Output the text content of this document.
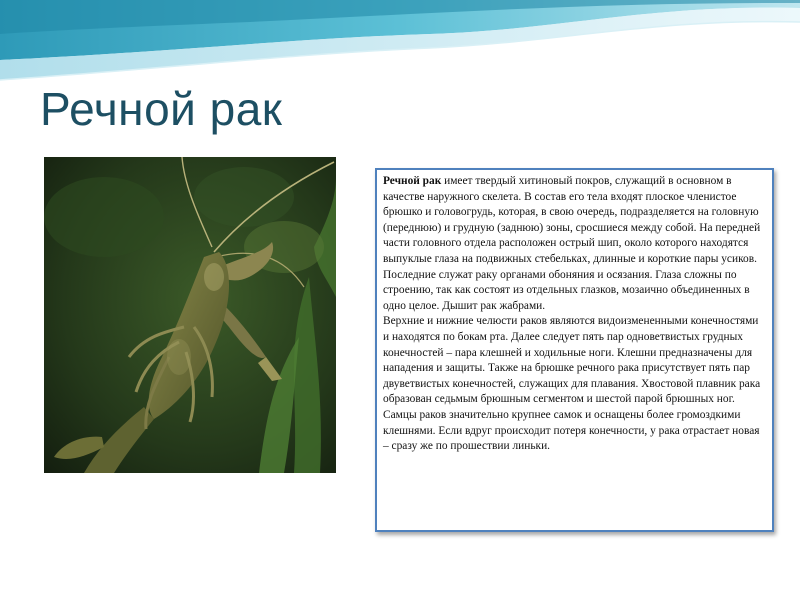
Речной рак

Речной рак имеет твердый хитиновый покров, служащий в основном в качестве наружного скелета. В состав его тела входят плоское членистое брюшко и головогрудь, которая, в свою очередь, подразделяется на головную (переднюю) и грудную (заднюю) зоны, сросшиеся между собой. На передней части головного отдела расположен острый шип, около которого находятся выпуклые глаза на подвижных стебельках, длинные и короткие пары усиков. Последние служат раку органами обоняния и осязания. Глаза сложны по строению, так как состоят из отдельных глазков, мозаично объединенных в одно целое. Дышит рак жабрами.

Верхние и нижние челюсти раков являются видоизмененными конечностями и находятся по бокам рта. Далее следует пять пар одноветвистых грудных конечностей – пара клешней и ходильные ноги. Клешни предназначены для нападения и защиты. Также на брюшке речного рака присутствует пять пар двуветвистых конечностей, служащих для плавания. Хвостовой плавник рака образован седьмым брюшным сегментом и шестой парой брюшных ног. Самцы раков значительно крупнее самок и оснащены более громоздкими клешнями. Если вдруг происходит потеря конечности, у рака отрастает новая – сразу же по прошествии линьки.
